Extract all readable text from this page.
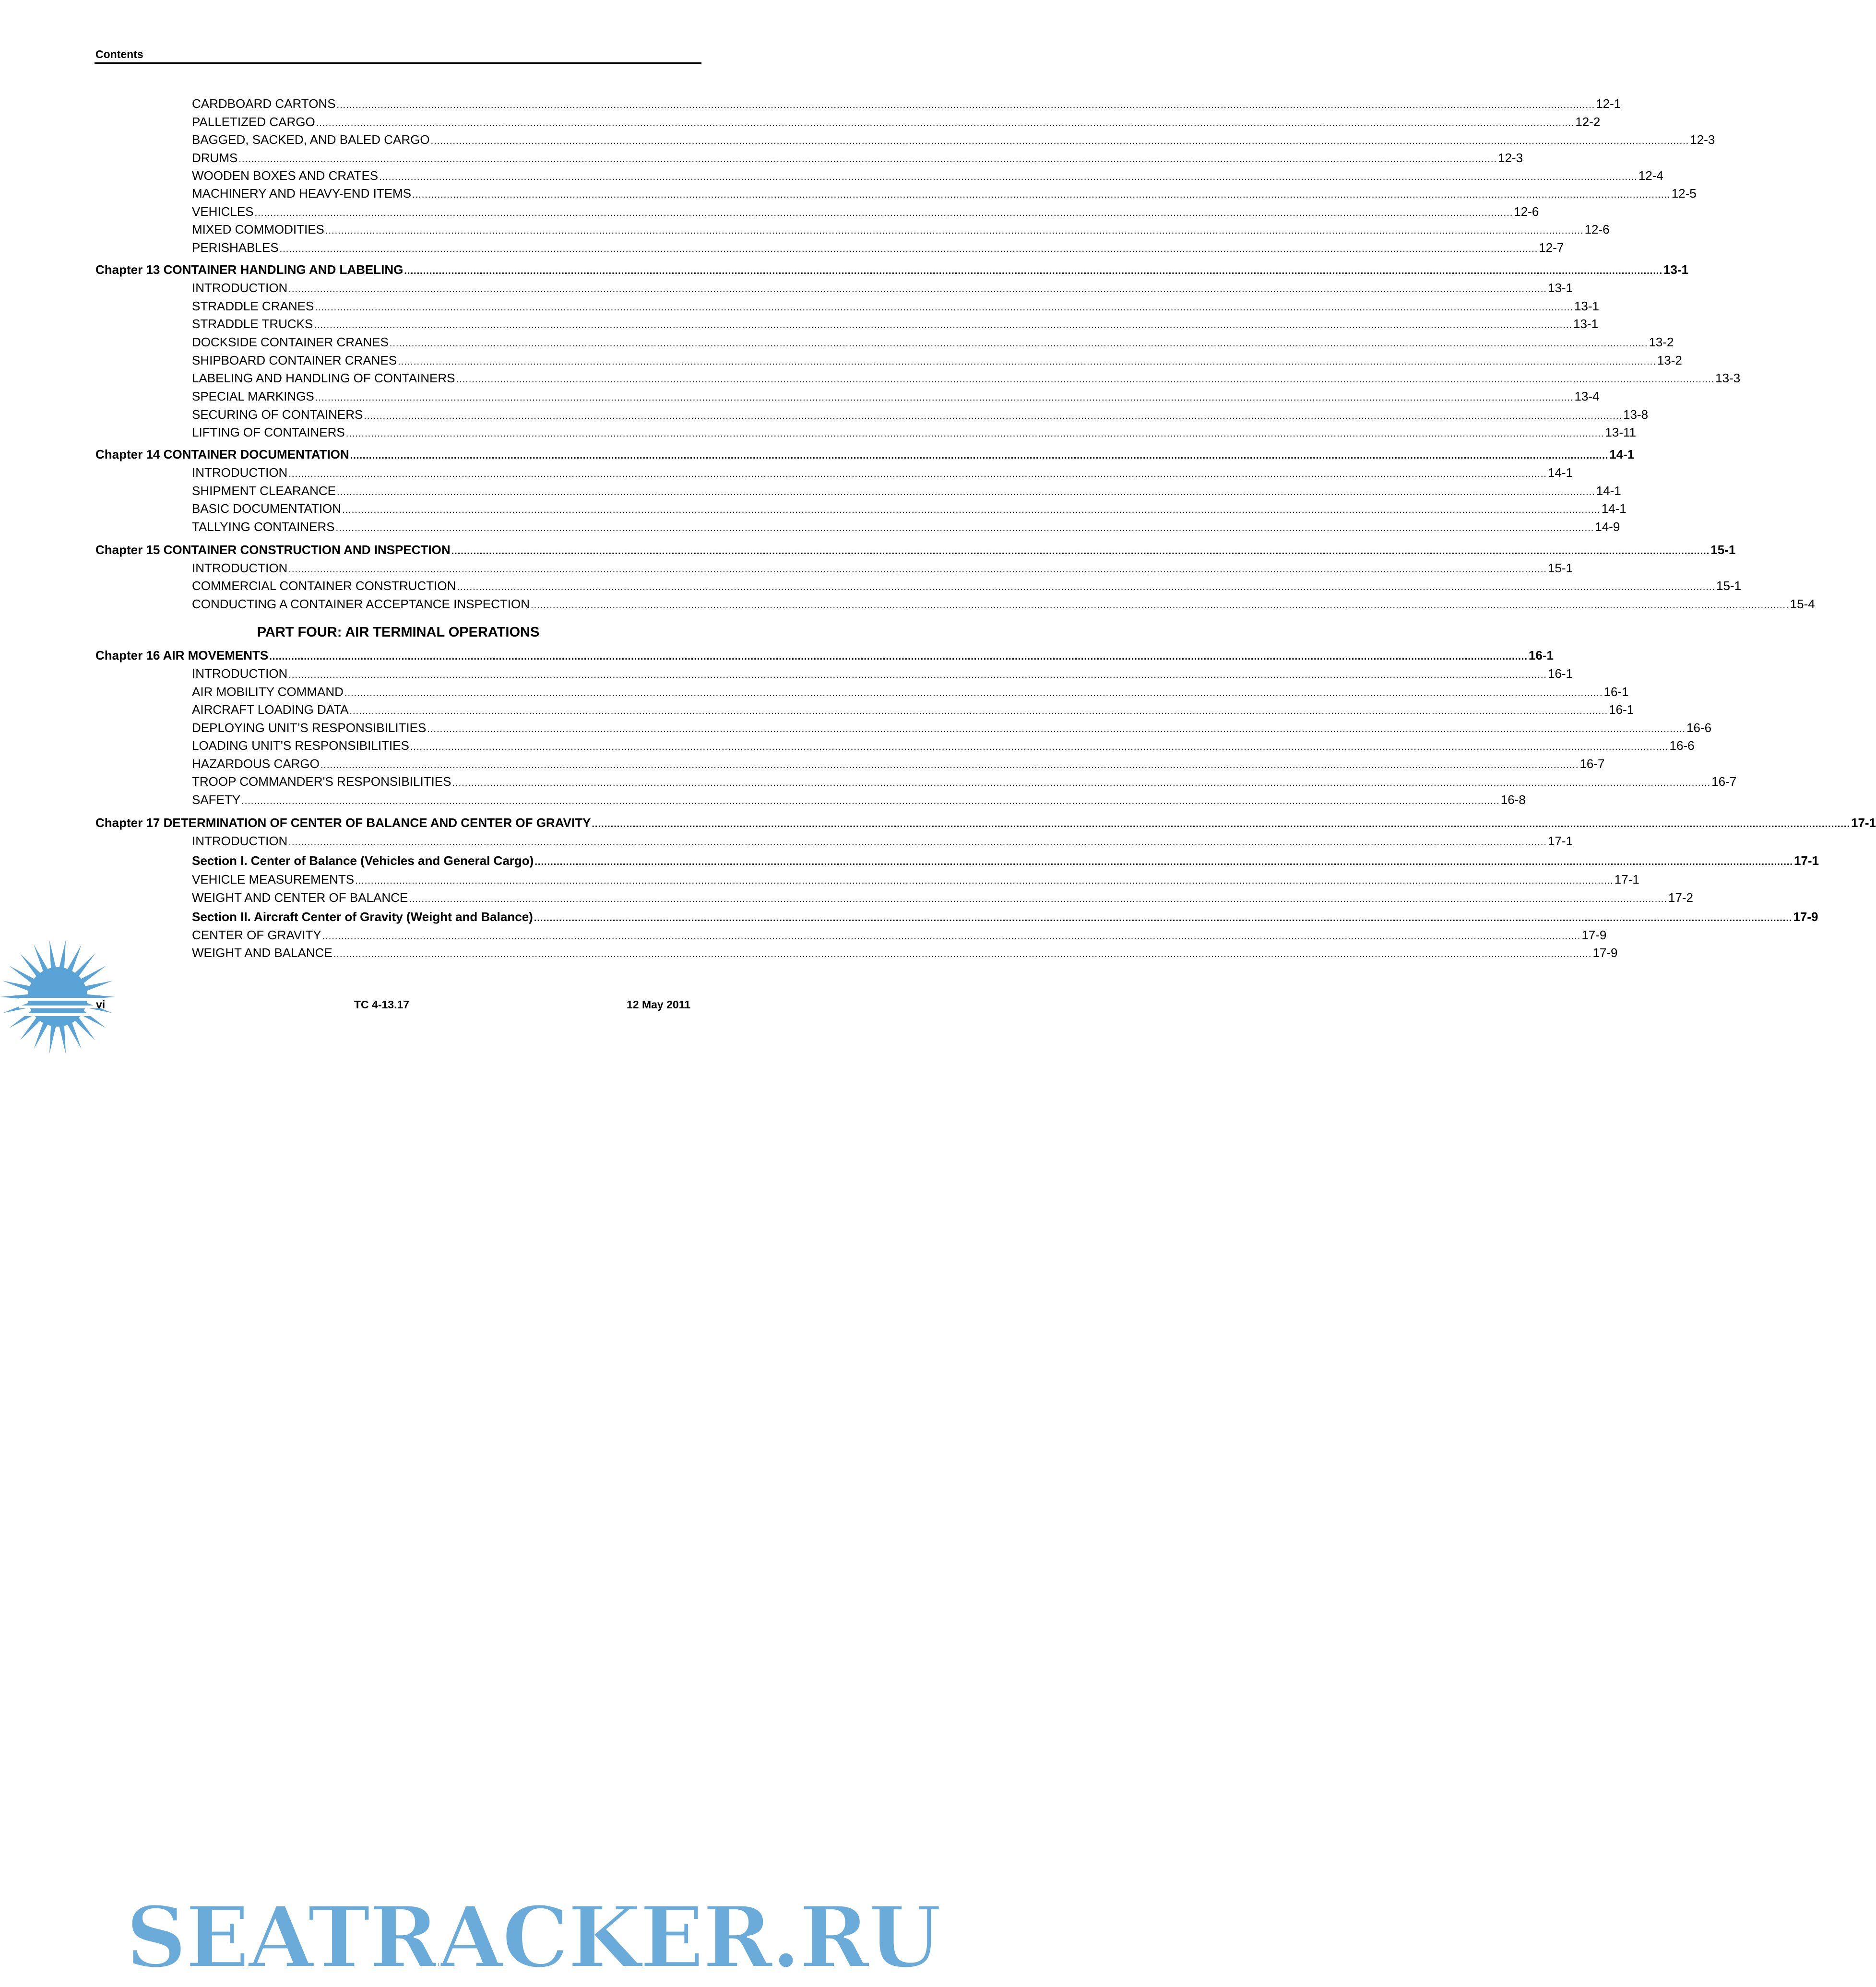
Contents
CARDBOARD CARTONS ................................................................................................................................................................................................................................................................................................................................................................................................................ 12-1
PALLETIZED CARGO ................................................................................................................................................................................................................................................................................................................................................................................................................ 12-2
BAGGED, SACKED, AND BALED CARGO ................................................................................................................................................................................................................................................................................................................................................................................................................ 12-3
DRUMS ................................................................................................................................................................................................................................................................................................................................................................................................................ 12-3
WOODEN BOXES AND CRATES ................................................................................................................................................................................................................................................................................................................................................................................................................ 12-4
MACHINERY AND HEAVY-END ITEMS ................................................................................................................................................................................................................................................................................................................................................................................................................ 12-5
VEHICLES ................................................................................................................................................................................................................................................................................................................................................................................................................ 12-6
MIXED COMMODITIES ................................................................................................................................................................................................................................................................................................................................................................................................................ 12-6
PERISHABLES ................................................................................................................................................................................................................................................................................................................................................................................................................ 12-7
Chapter 13 CONTAINER HANDLING AND LABELING ................................................................................................................................................................................................................................................................................................................................................................................................................ 13-1
INTRODUCTION ................................................................................................................................................................................................................................................................................................................................................................................................................ 13-1
STRADDLE CRANES ................................................................................................................................................................................................................................................................................................................................................................................................................ 13-1
STRADDLE TRUCKS ................................................................................................................................................................................................................................................................................................................................................................................................................ 13-1
DOCKSIDE CONTAINER CRANES ................................................................................................................................................................................................................................................................................................................................................................................................................ 13-2
SHIPBOARD CONTAINER CRANES ................................................................................................................................................................................................................................................................................................................................................................................................................ 13-2
LABELING AND HANDLING OF CONTAINERS ................................................................................................................................................................................................................................................................................................................................................................................................................ 13-3
SPECIAL MARKINGS ................................................................................................................................................................................................................................................................................................................................................................................................................ 13-4
SECURING OF CONTAINERS ................................................................................................................................................................................................................................................................................................................................................................................................................ 13-8
LIFTING OF CONTAINERS ................................................................................................................................................................................................................................................................................................................................................................................................................ 13-11
Chapter 14 CONTAINER DOCUMENTATION ................................................................................................................................................................................................................................................................................................................................................................................................................ 14-1
INTRODUCTION ................................................................................................................................................................................................................................................................................................................................................................................................................ 14-1
SHIPMENT CLEARANCE ................................................................................................................................................................................................................................................................................................................................................................................................................ 14-1
BASIC DOCUMENTATION ................................................................................................................................................................................................................................................................................................................................................................................................................ 14-1
TALLYING CONTAINERS ................................................................................................................................................................................................................................................................................................................................................................................................................ 14-9
Chapter 15 CONTAINER CONSTRUCTION AND INSPECTION ................................................................................................................................................................................................................................................................................................................................................................................................................ 15-1
INTRODUCTION ................................................................................................................................................................................................................................................................................................................................................................................................................ 15-1
COMMERCIAL CONTAINER CONSTRUCTION ................................................................................................................................................................................................................................................................................................................................................................................................................ 15-1
CONDUCTING A CONTAINER ACCEPTANCE INSPECTION ................................................................................................................................................................................................................................................................................................................................................................................................................ 15-4
PART FOUR: AIR TERMINAL OPERATIONS
Chapter 16 AIR MOVEMENTS ................................................................................................................................................................................................................................................................................................................................................................................................................ 16-1
INTRODUCTION ................................................................................................................................................................................................................................................................................................................................................................................................................ 16-1
AIR MOBILITY COMMAND ................................................................................................................................................................................................................................................................................................................................................................................................................ 16-1
AIRCRAFT LOADING DATA ................................................................................................................................................................................................................................................................................................................................................................................................................ 16-1
DEPLOYING UNIT’S RESPONSIBILITIES ................................................................................................................................................................................................................................................................................................................................................................................................................ 16-6
LOADING UNIT'S RESPONSIBILITIES ................................................................................................................................................................................................................................................................................................................................................................................................................ 16-6
HAZARDOUS CARGO ................................................................................................................................................................................................................................................................................................................................................................................................................ 16-7
TROOP COMMANDER'S RESPONSIBILITIES ................................................................................................................................................................................................................................................................................................................................................................................................................ 16-7
SAFETY ................................................................................................................................................................................................................................................................................................................................................................................................................ 16-8
Chapter 17 DETERMINATION OF CENTER OF BALANCE AND CENTER OF GRAVITY ................................................................................................................................................................................................................................................................................................................................................................................................................ 17-1
INTRODUCTION ................................................................................................................................................................................................................................................................................................................................................................................................................ 17-1
Section I. Center of Balance (Vehicles and General Cargo) ................................................................................................................................................................................................................................................................................................................................................................................................................ 17-1
VEHICLE MEASUREMENTS ................................................................................................................................................................................................................................................................................................................................................................................................................ 17-1
WEIGHT AND CENTER OF BALANCE ................................................................................................................................................................................................................................................................................................................................................................................................................ 17-2
Section II. Aircraft Center of Gravity (Weight and Balance) ................................................................................................................................................................................................................................................................................................................................................................................................................ 17-9
CENTER OF GRAVITY ................................................................................................................................................................................................................................................................................................................................................................................................................ 17-9
WEIGHT AND BALANCE ................................................................................................................................................................................................................................................................................................................................................................................................................ 17-9
SEATRACKER.RU
vi	TC 4-13.17	12 May 2011
